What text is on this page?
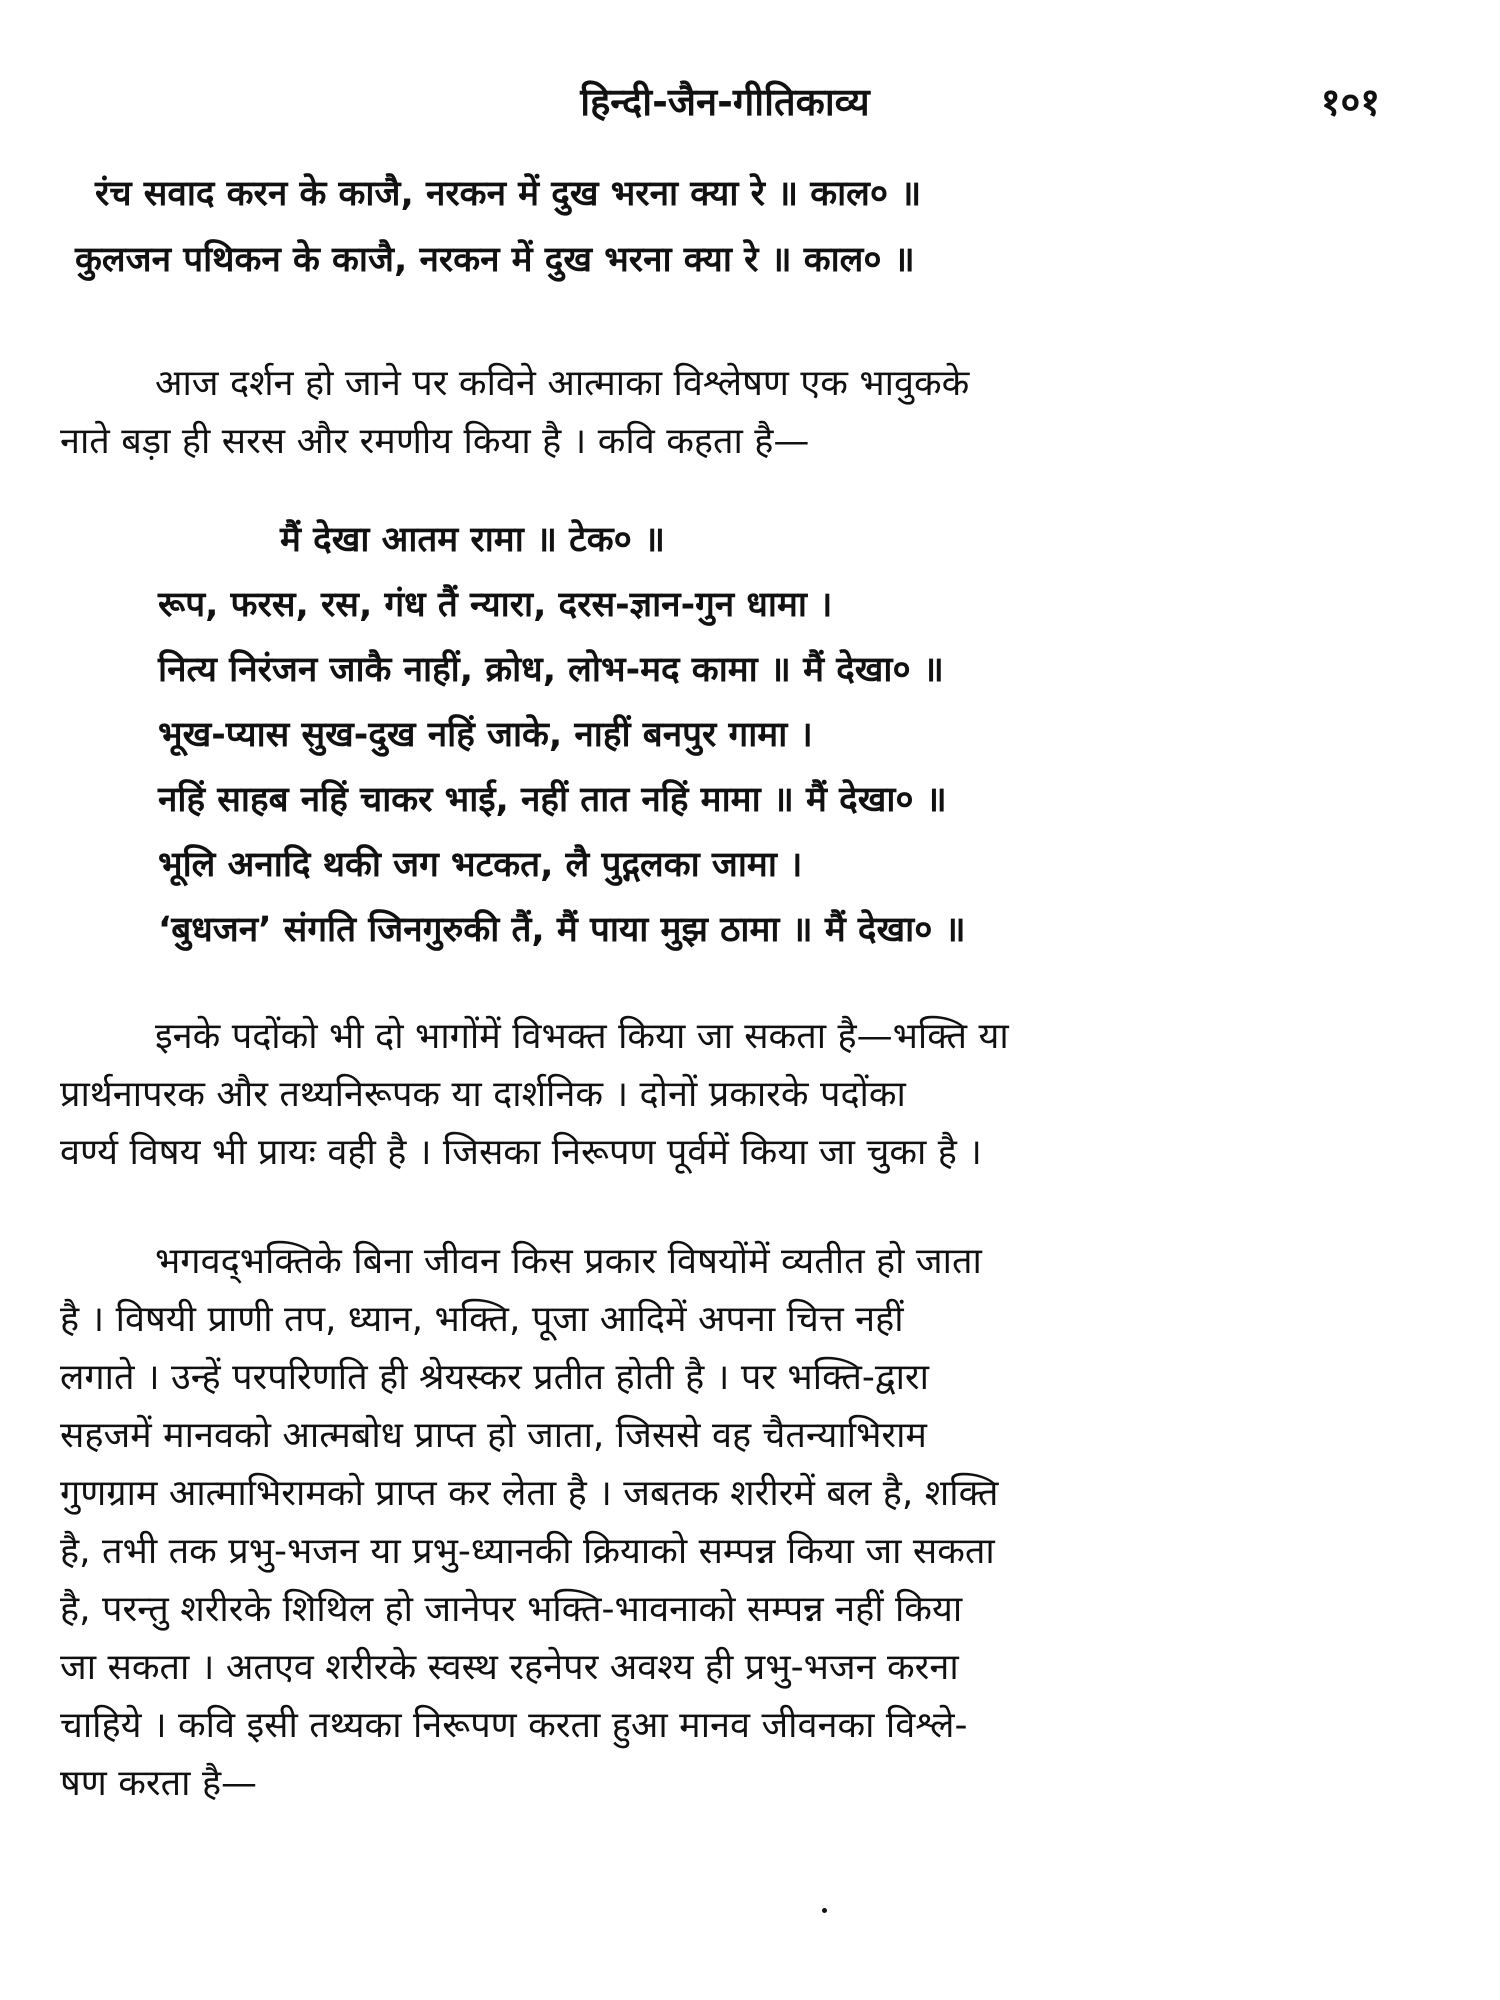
हिन्दी-जैन-गीतिकाव्य	१०१
रंच सवाद करन के काजै, नरकन में दुख भरना क्या रे ॥ काल० ॥
कुलजन पथिकन के काजै, नरकन में दुख भरना क्या रे ॥ काल० ॥
आज दर्शन हो जाने पर कविने आत्माका विश्लेषण एक भावुकके
नाते बड़ा ही सरस और रमणीय किया है । कवि कहता है—
मैं देखा आतम रामा ॥ टेक० ॥
रूप, फरस, रस, गंध तैं न्यारा, दरस-ज्ञान-गुन धामा ।
नित्य निरंजन जाकै नाहीं, क्रोध, लोभ-मद कामा ॥ मैं देखा० ॥
भूख-प्यास सुख-दुख नहिं जाके, नाहीं बनपुर गामा ।
नहिं साहब नहिं चाकर भाई, नहीं तात नहिं मामा ॥ मैं देखा० ॥
भूलि अनादि थकी जग भटकत, लै पुद्गलका जामा ।
‘बुधजन’ संगति जिनगुरुकी तैं, मैं पाया मुझ ठामा ॥ मैं देखा० ॥
इनके पदोंको भी दो भागोंमें विभक्त किया जा सकता है—भक्ति या
प्रार्थनापरक और तथ्यनिरूपक या दार्शनिक । दोनों प्रकारके पदोंका
वर्ण्य विषय भी प्रायः वही है । जिसका निरूपण पूर्वमें किया जा चुका है ।
भगवद्‌भक्तिके बिना जीवन किस प्रकार विषयोंमें व्यतीत हो जाता
है । विषयी प्राणी तप, ध्यान, भक्ति, पूजा आदिमें अपना चित्त नहीं
लगाते । उन्हें परपरिणति ही श्रेयस्कर प्रतीत होती है । पर भक्ति-द्वारा
सहजमें मानवको आत्मबोध प्राप्त हो जाता, जिससे वह चैतन्याभिराम
गुणग्राम आत्माभिरामको प्राप्त कर लेता है । जबतक शरीरमें बल है, शक्ति
है, तभी तक प्रभु-भजन या प्रभु-ध्यानकी क्रियाको सम्पन्न किया जा सकता
है, परन्तु शरीरके शिथिल हो जानेपर भक्ति-भावनाको सम्पन्न नहीं किया
जा सकता । अतएव शरीरके स्वस्थ रहनेपर अवश्य ही प्रभु-भजन करना
चाहिये । कवि इसी तथ्यका निरूपण करता हुआ मानव जीवनका विश्ले-
षण करता है—
